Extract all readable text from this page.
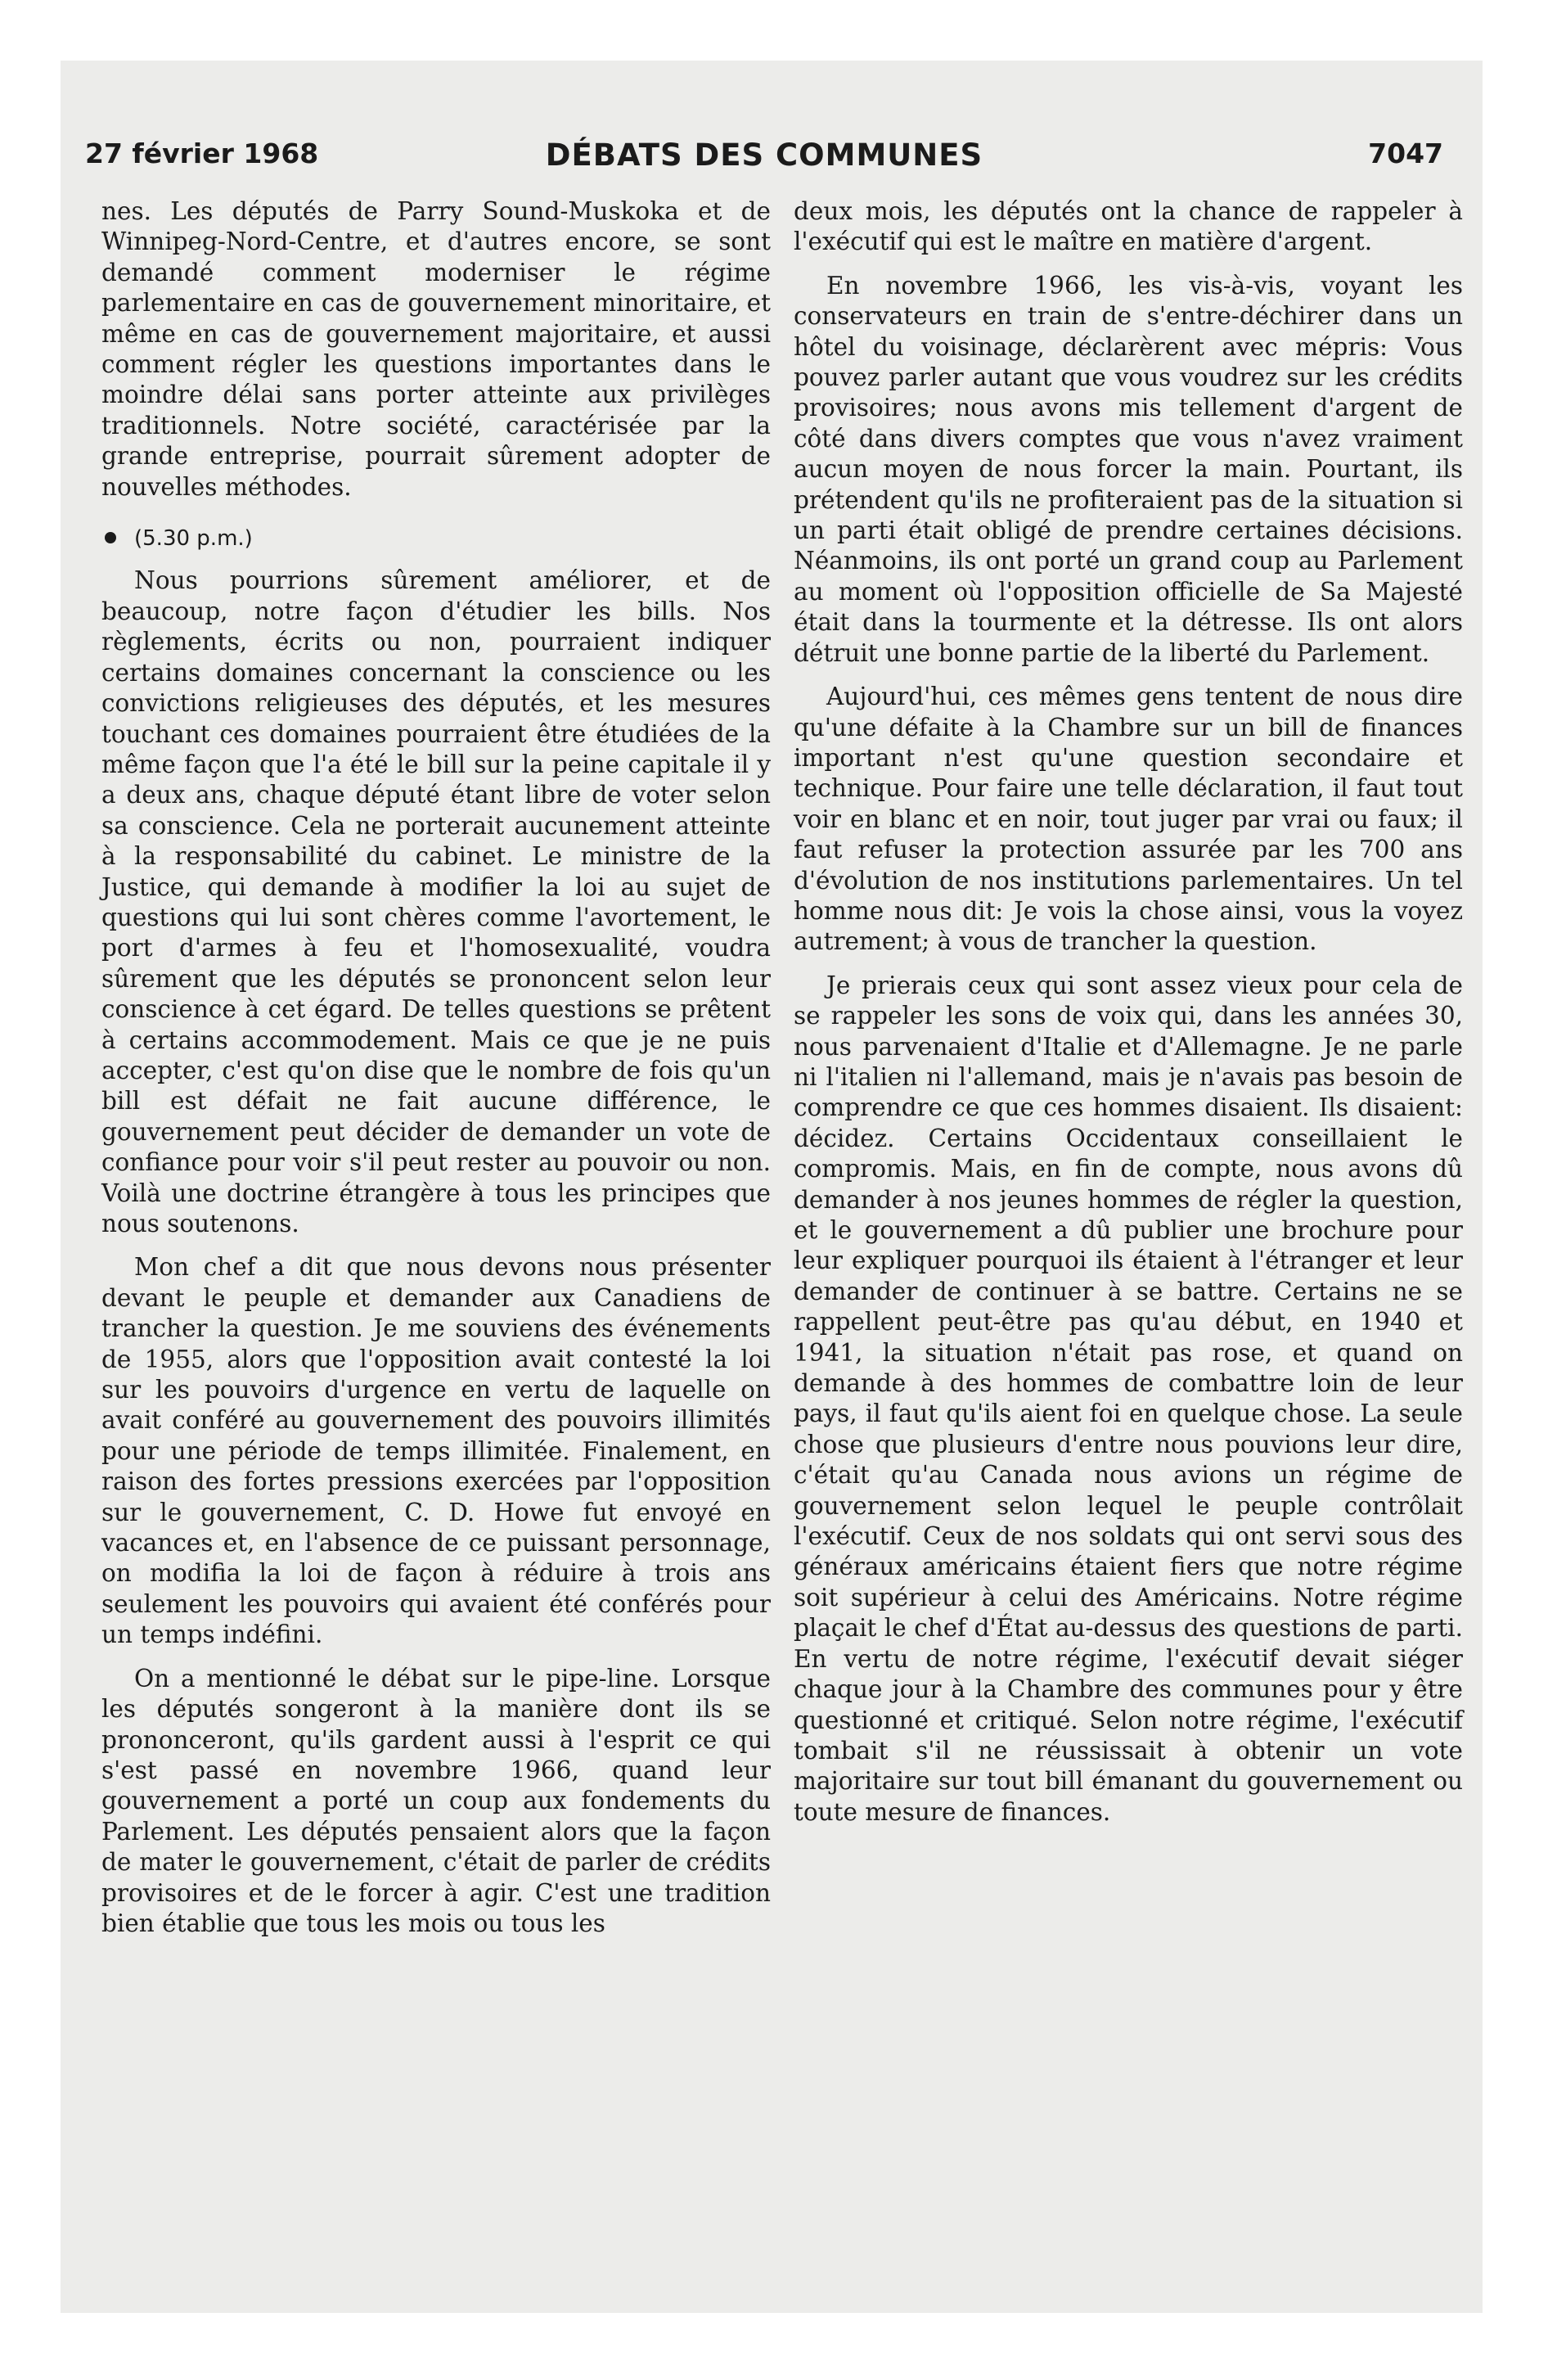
27 février 1968	DÉBATS DES COMMUNES	7047

nes. Les députés de Parry Sound-Muskoka et de Winnipeg-Nord-Centre, et d'autres encore, se sont demandé comment moderniser le régime parlementaire en cas de gouvernement minoritaire, et même en cas de gouvernement majoritaire, et aussi comment régler les questions importantes dans le moindre délai sans porter atteinte aux privilèges traditionnels. Notre société, caractérisée par la grande entreprise, pourrait sûrement adopter de nouvelles méthodes.

(5.30 p.m.)

Nous pourrions sûrement améliorer, et de beaucoup, notre façon d'étudier les bills. Nos règlements, écrits ou non, pourraient indiquer certains domaines concernant la conscience ou les convictions religieuses des députés, et les mesures touchant ces domaines pourraient être étudiées de la même façon que l'a été le bill sur la peine capitale il y a deux ans, chaque député étant libre de voter selon sa conscience. Cela ne porterait aucunement atteinte à la responsabilité du cabinet. Le ministre de la Justice, qui demande à modifier la loi au sujet de questions qui lui sont chères comme l'avortement, le port d'armes à feu et l'homosexualité, voudra sûrement que les députés se prononcent selon leur conscience à cet égard. De telles questions se prêtent à certains accommodement. Mais ce que je ne puis accepter, c'est qu'on dise que le nombre de fois qu'un bill est défait ne fait aucune différence, le gouvernement peut décider de demander un vote de confiance pour voir s'il peut rester au pouvoir ou non. Voilà une doctrine étrangère à tous les principes que nous soutenons.

Mon chef a dit que nous devons nous présenter devant le peuple et demander aux Canadiens de trancher la question. Je me souviens des événements de 1955, alors que l'opposition avait contesté la loi sur les pouvoirs d'urgence en vertu de laquelle on avait conféré au gouvernement des pouvoirs illimités pour une période de temps illimitée. Finalement, en raison des fortes pressions exercées par l'opposition sur le gouvernement, C. D. Howe fut envoyé en vacances et, en l'absence de ce puissant personnage, on modifia la loi de façon à réduire à trois ans seulement les pouvoirs qui avaient été conférés pour un temps indéfini.

On a mentionné le débat sur le pipe-line. Lorsque les députés songeront à la manière dont ils se prononceront, qu'ils gardent aussi à l'esprit ce qui s'est passé en novembre 1966, quand leur gouvernement a porté un coup aux fondements du Parlement. Les députés pensaient alors que la façon de mater le gouvernement, c'était de parler de crédits provisoires et de le forcer à agir. C'est une tradition bien établie que tous les mois ou tous les

deux mois, les députés ont la chance de rappeler à l'exécutif qui est le maître en matière d'argent.

En novembre 1966, les vis-à-vis, voyant les conservateurs en train de s'entre-déchirer dans un hôtel du voisinage, déclarèrent avec mépris: Vous pouvez parler autant que vous voudrez sur les crédits provisoires; nous avons mis tellement d'argent de côté dans divers comptes que vous n'avez vraiment aucun moyen de nous forcer la main. Pourtant, ils prétendent qu'ils ne profiteraient pas de la situation si un parti était obligé de prendre certaines décisions. Néanmoins, ils ont porté un grand coup au Parlement au moment où l'opposition officielle de Sa Majesté était dans la tourmente et la détresse. Ils ont alors détruit une bonne partie de la liberté du Parlement.

Aujourd'hui, ces mêmes gens tentent de nous dire qu'une défaite à la Chambre sur un bill de finances important n'est qu'une question secondaire et technique. Pour faire une telle déclaration, il faut tout voir en blanc et en noir, tout juger par vrai ou faux; il faut refuser la protection assurée par les 700 ans d'évolution de nos institutions parlementaires. Un tel homme nous dit: Je vois la chose ainsi, vous la voyez autrement; à vous de trancher la question.

Je prierais ceux qui sont assez vieux pour cela de se rappeler les sons de voix qui, dans les années 30, nous parvenaient d'Italie et d'Allemagne. Je ne parle ni l'italien ni l'allemand, mais je n'avais pas besoin de comprendre ce que ces hommes disaient. Ils disaient: décidez. Certains Occidentaux conseillaient le compromis. Mais, en fin de compte, nous avons dû demander à nos jeunes hommes de régler la question, et le gouvernement a dû publier une brochure pour leur expliquer pourquoi ils étaient à l'étranger et leur demander de continuer à se battre. Certains ne se rappellent peut-être pas qu'au début, en 1940 et 1941, la situation n'était pas rose, et quand on demande à des hommes de combattre loin de leur pays, il faut qu'ils aient foi en quelque chose. La seule chose que plusieurs d'entre nous pouvions leur dire, c'était qu'au Canada nous avions un régime de gouvernement selon lequel le peuple contrôlait l'exécutif. Ceux de nos soldats qui ont servi sous des généraux américains étaient fiers que notre régime soit supérieur à celui des Américains. Notre régime plaçait le chef d'État au-dessus des questions de parti. En vertu de notre régime, l'exécutif devait siéger chaque jour à la Chambre des communes pour y être questionné et critiqué. Selon notre régime, l'exécutif tombait s'il ne réussissait à obtenir un vote majoritaire sur tout bill émanant du gouvernement ou toute mesure de finances.
